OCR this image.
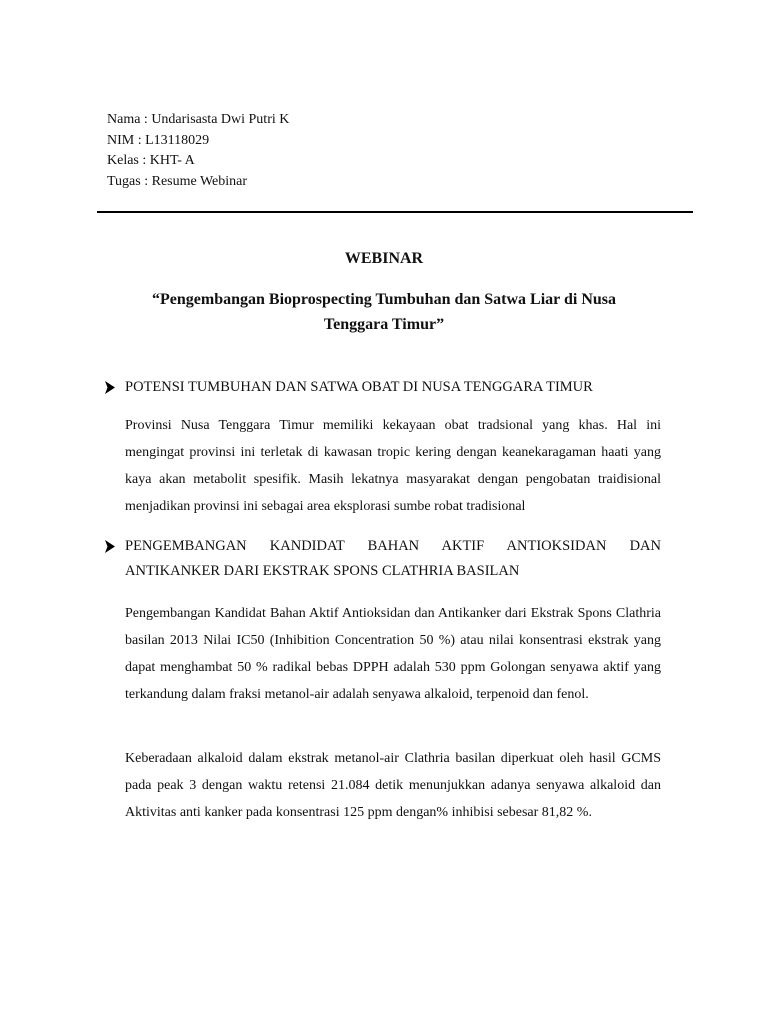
Nama : Undarisasta Dwi Putri K
NIM : L13118029
Kelas : KHT- A
Tugas : Resume Webinar
WEBINAR
“Pengembangan Bioprospecting Tumbuhan dan Satwa Liar di Nusa
Tenggara Timur”
POTENSI TUMBUHAN DAN SATWA OBAT DI NUSA TENGGARA TIMUR
Provinsi Nusa Tenggara Timur memiliki kekayaan obat tradsional yang khas. Hal ini mengingat provinsi ini terletak di kawasan tropic kering dengan keanekaragaman haati yang kaya akan metabolit spesifik. Masih lekatnya masyarakat dengan pengobatan traidisional menjadikan provinsi ini sebagai area eksplorasi sumbe robat tradisional
PENGEMBANGAN KANDIDAT BAHAN AKTIF ANTIOKSIDAN DAN ANTIKANKER DARI EKSTRAK SPONS CLATHRIA BASILAN
Pengembangan Kandidat Bahan Aktif Antioksidan dan Antikanker dari Ekstrak Spons Clathria basilan 2013 Nilai IC50 (Inhibition Concentration 50 %) atau nilai konsentrasi ekstrak yang dapat menghambat 50 % radikal bebas DPPH adalah 530 ppm Golongan senyawa aktif yang terkandung dalam fraksi metanol-air adalah senyawa alkaloid, terpenoid dan fenol.
Keberadaan alkaloid dalam ekstrak metanol-air Clathria basilan diperkuat oleh hasil GCMS pada peak 3 dengan waktu retensi 21.084 detik menunjukkan adanya senyawa alkaloid dan Aktivitas anti kanker pada konsentrasi 125 ppm dengan% inhibisi sebesar 81,82 %.
